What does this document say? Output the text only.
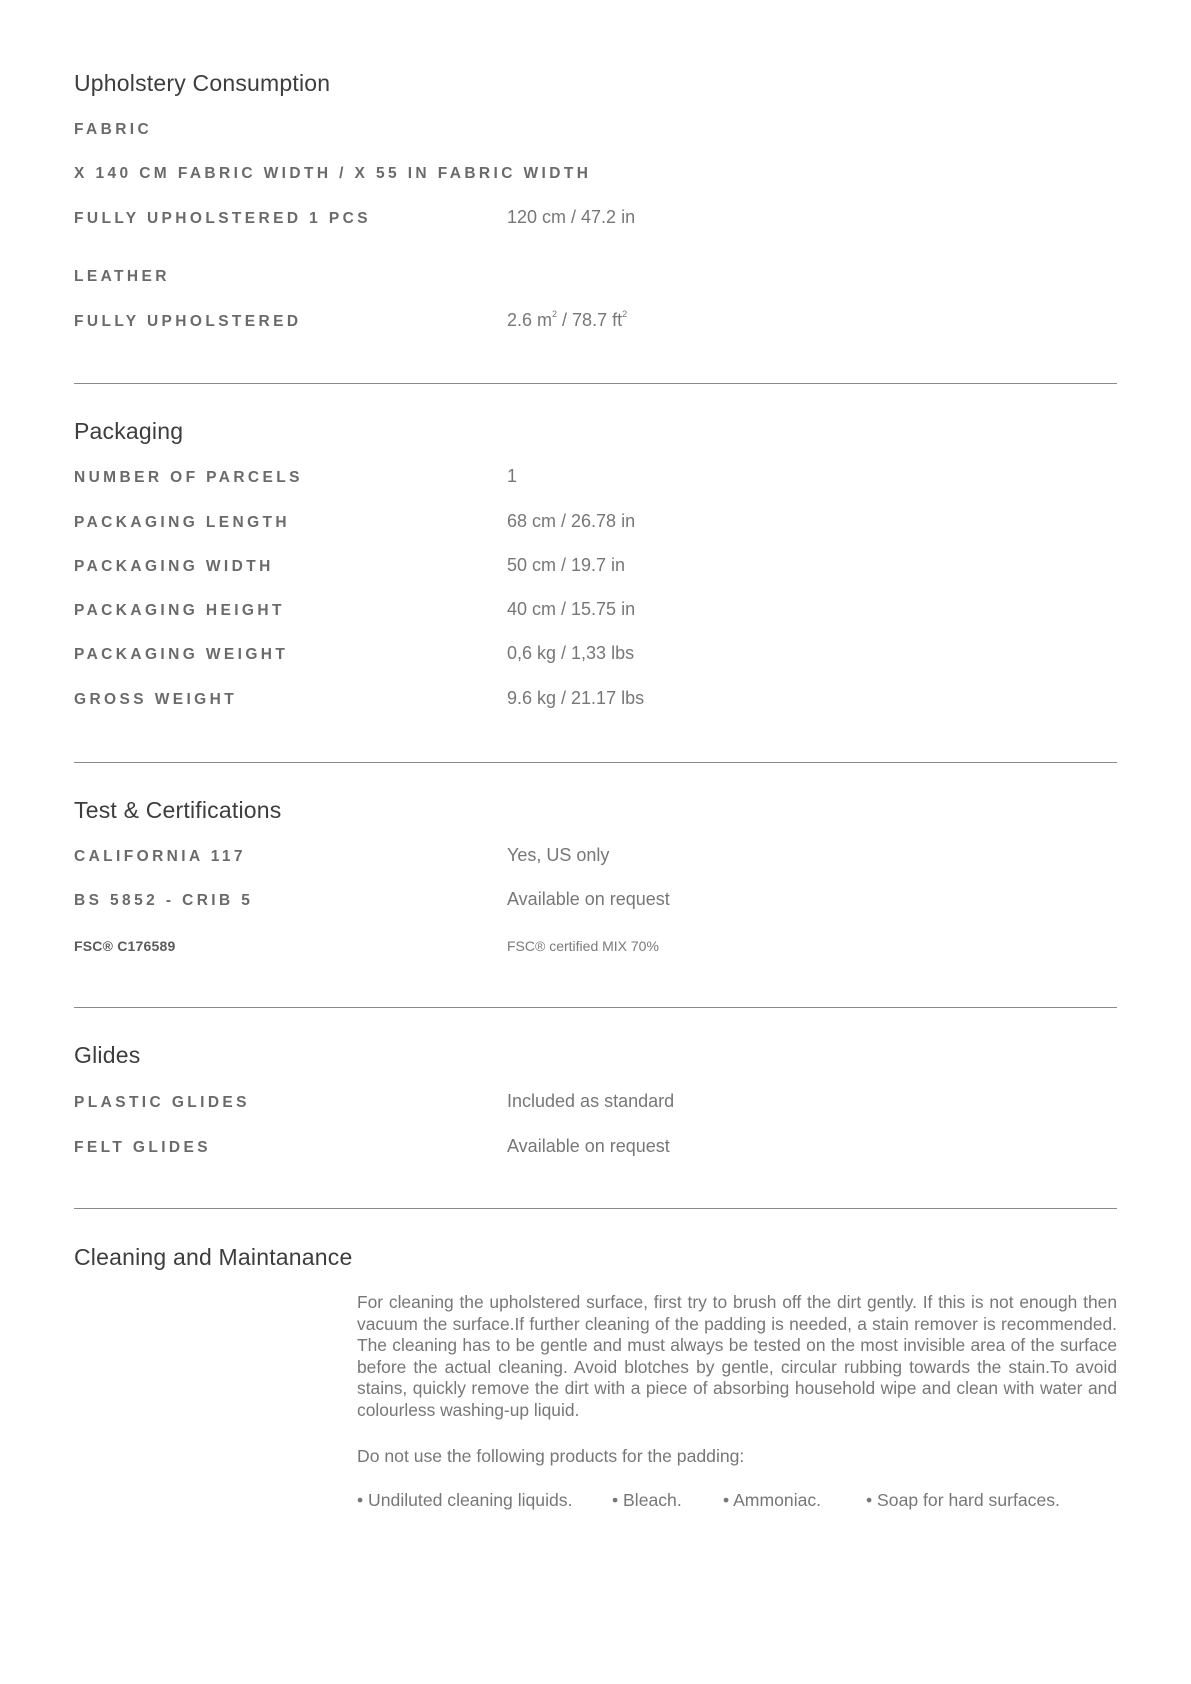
Upholstery Consumption
FABRIC
X 140 CM FABRIC WIDTH / X 55 IN FABRIC WIDTH
FULLY UPHOLSTERED 1 PCS	120 cm / 47.2 in
LEATHER
FULLY UPHOLSTERED	2.6 $m^2 / 78.7$ $ft^2$
Packaging
NUMBER OF PARCELS	1
PACKAGING LENGTH	68 cm / 26.78 in
PACKAGING WIDTH	50 cm / 19.7 in
PACKAGING HEIGHT	40 cm / 15.75 in
PACKAGING WEIGHT	0,6 kg / 1,33 lbs
GROSS WEIGHT	9.6 kg / 21.17 lbs
Test & Certifications
CALIFORNIA 117	Yes, US only
BS 5852 - CRIB 5	Available on request
FSC® C176589	FSC® certified MIX 70%
Glides
PLASTIC GLIDES	Included as standard
FELT GLIDES	Available on request
Cleaning and Maintanance
For cleaning the upholstered surface, first try to brush off the dirt gently. If this is not enough then vacuum the surface.If further cleaning of the padding is needed, a stain remover is recommended. The cleaning has to be gentle and must always be tested on the most invisible area of the surface before the actual cleaning. Avoid blotches by gentle, circular rubbing towards the stain.To avoid stains, quickly remove the dirt with a piece of absorbing household wipe and clean with water and colourless washing-up liquid.
Do not use the following products for the padding:
• Undiluted cleaning liquids. • Bleach. • Ammoniac.	• Soap for hard surfaces.
